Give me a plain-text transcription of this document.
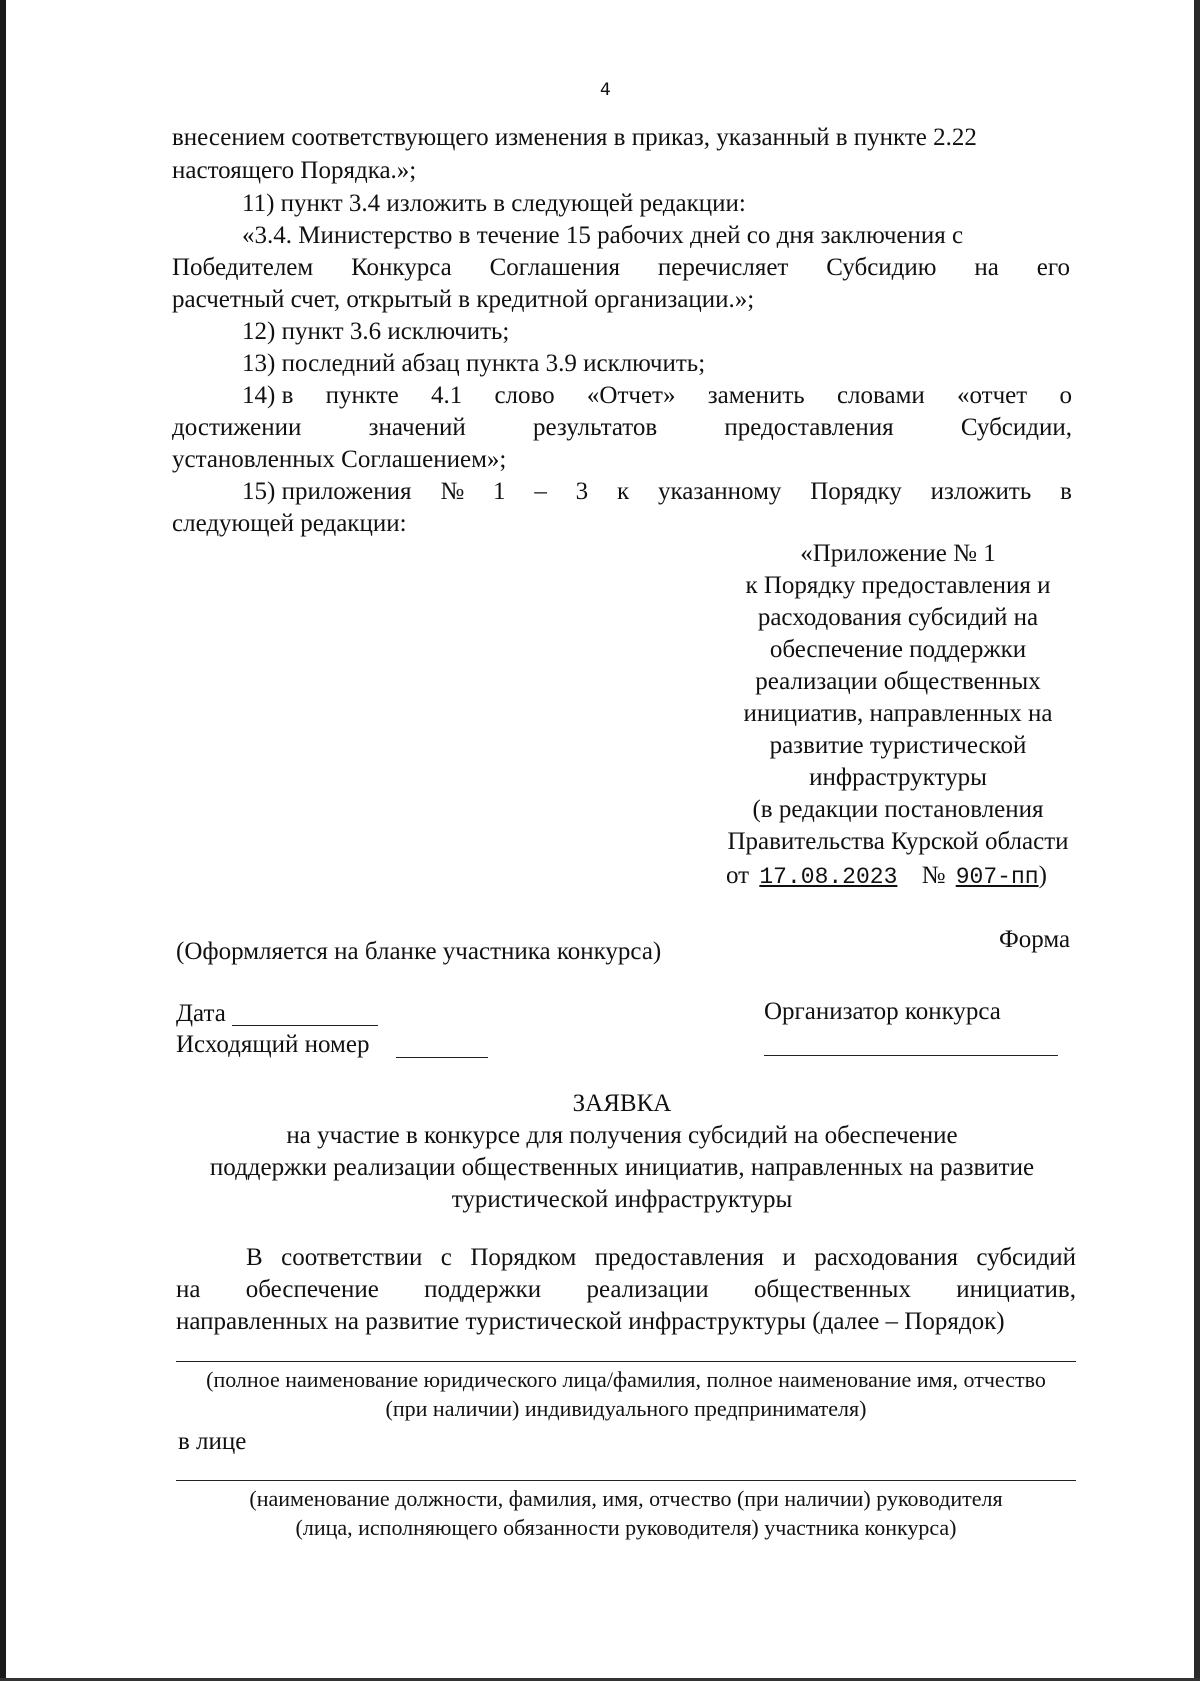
4
внесением соответствующего изменения в приказ, указанный в пункте 2.22
настоящего Порядка.»;
11) пункт 3.4 изложить в следующей редакции:
«3.4. Министерство в течение 15 рабочих дней со дня заключения с
Победителем Конкурса Соглашения перечисляет Субсидию на его
расчетный счет, открытый в кредитной организации.»;
12) пункт 3.6 исключить;
13) последний абзац пункта 3.9 исключить;
14) в пункте 4.1 слово «Отчет» заменить словами «отчет о
достижении	значений	результатов	предоставления	Субсидии,
установленных Соглашением»;
15) приложения № 1 – 3 к указанному Порядку изложить в
следующей редакции:
«Приложение № 1
к Порядку предоставления и
расходования субсидий на
обеспечение поддержки
реализации общественных
инициатив, направленных на
развитие туристической
инфраструктуры
(в редакции постановления
Правительства Курской области
от 17.08.2023 № 907-пп)
Форма
(Оформляется на бланке участника конкурса)
Дата
Исходящий номер
Организатор конкурса
ЗАЯВКА
на участие в конкурсе для получения субсидий на обеспечение
поддержки реализации общественных инициатив, направленных на развитие
туристической инфраструктуры
В соответствии с Порядком предоставления и расходования субсидий
на обеспечение поддержки реализации общественных инициатив,
направленных на развитие туристической инфраструктуры (далее – Порядок)
(полное наименование юридического лица/фамилия, полное наименование имя, отчество
(при наличии) индивидуального предпринимателя)
в лице
(наименование должности, фамилия, имя, отчество (при наличии) руководителя
(лица, исполняющего обязанности руководителя) участника конкурса)
